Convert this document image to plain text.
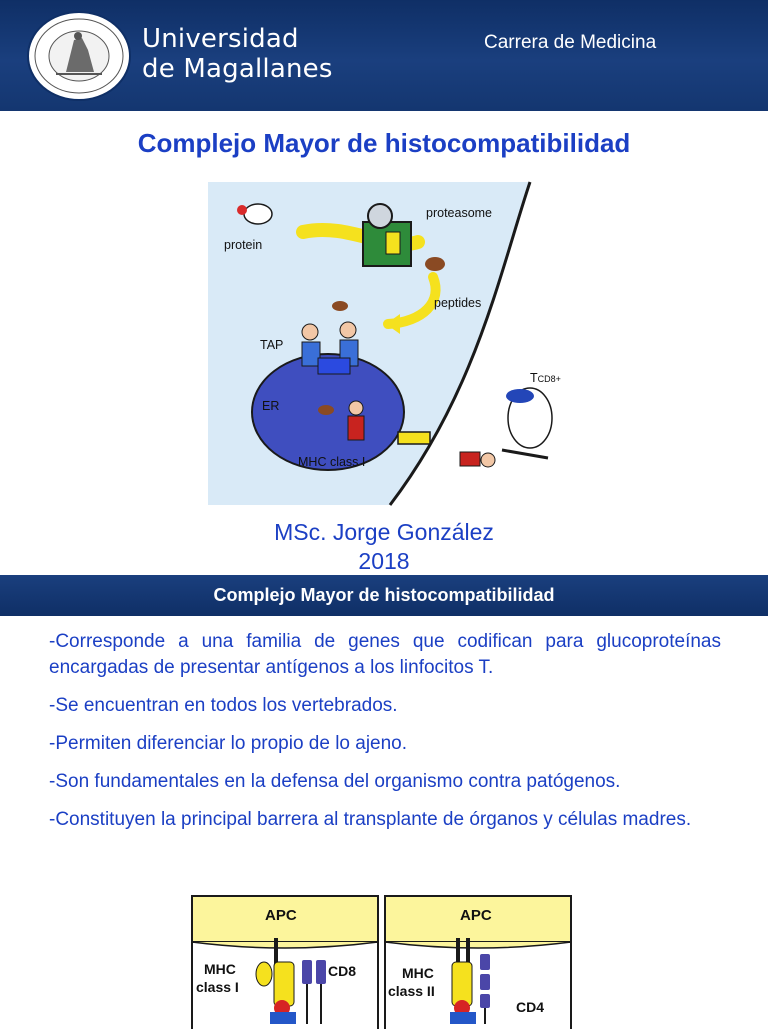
Universidad
de Magallanes
Carrera de Medicina
Complejo Mayor de histocompatibilidad
proteasome
protein
peptides
TAP
ER
MHC class I
TCD8+
MSc. Jorge González
2018
Complejo Mayor de histocompatibilidad

-Corresponde a una familia de genes que codifican para glucoproteínas encargadas de presentar antígenos a los linfocitos T.

-Se encuentran en todos los vertebrados.

-Permiten diferenciar lo propio de lo ajeno.

-Son fundamentales en la defensa del organismo contra patógenos.

-Constituyen la principal barrera al transplante de órganos y células madres.

APC
MHC
class I
CD8
APC
MHC
class II
CD4
